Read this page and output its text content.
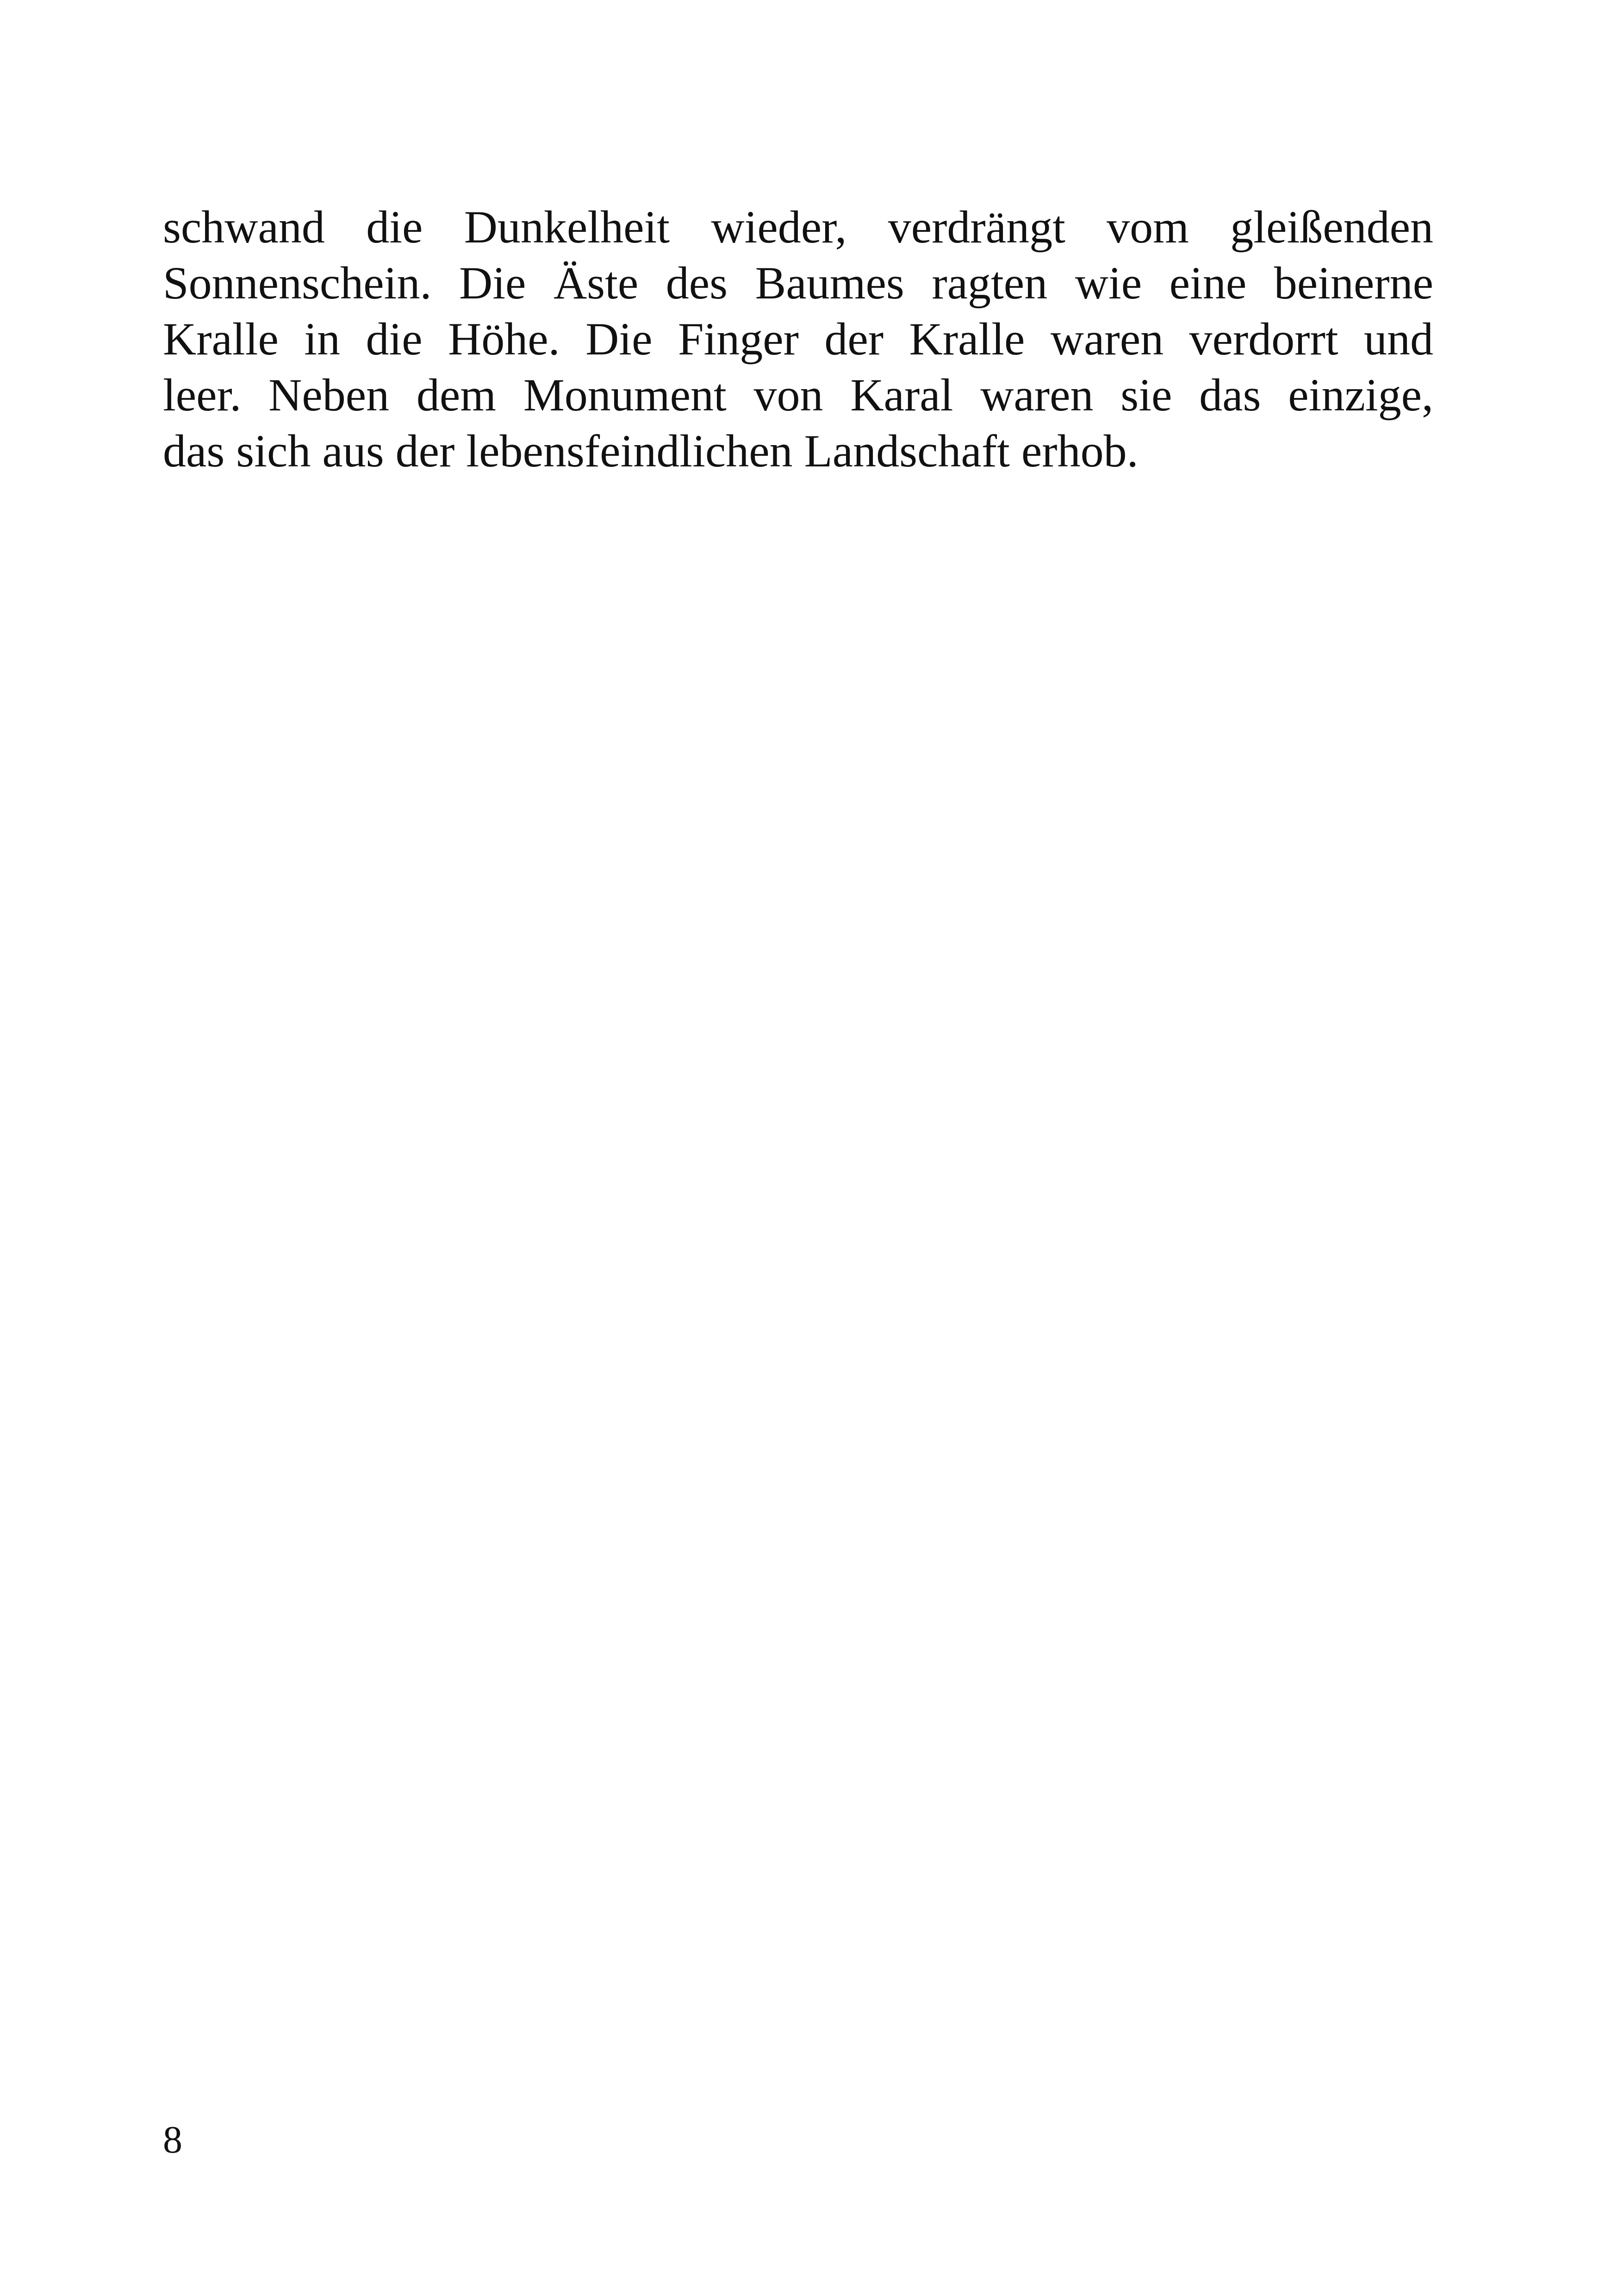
schwand die Dunkelheit wieder, verdrängt vom gleißenden
Sonnenschein. Die Äste des Baumes ragten wie eine beinerne
Kralle in die Höhe. Die Finger der Kralle waren verdorrt und
leer. Neben dem Monument von Karal waren sie das einzige,
das sich aus der lebensfeindlichen Landschaft erhob.
8
